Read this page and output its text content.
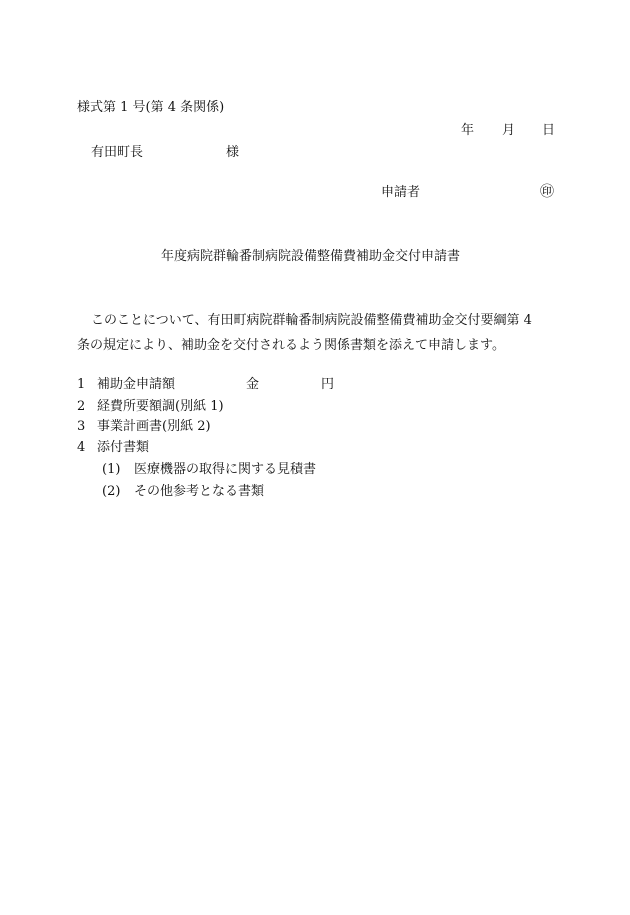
様式第 1 号(第 4 条関係)
年 月 日
有田町長	様
申請者	㊞
年度病院群輪番制病院設備整備費補助金交付申請書
このことについて、有田町病院群輪番制病院設備整備費補助金交付要綱第 4
条の規定により、補助金を交付されるよう関係書類を添えて申請します。
1 補助金申請額	金	円
2 経費所要額調(別紙 1)
3 事業計画書(別紙 2)
4 添付書類
(1) 医療機器の取得に関する見積書
(2) その他参考となる書類
